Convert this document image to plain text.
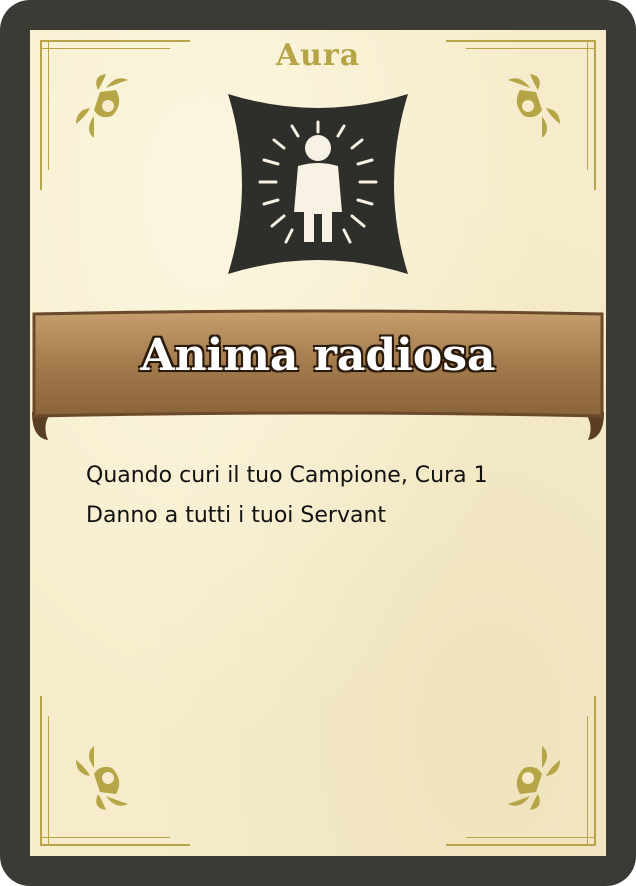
Aura
Anima radiosa
Quando curi il tuo Campione, Cura 1
Danno a tutti i tuoi Servant
